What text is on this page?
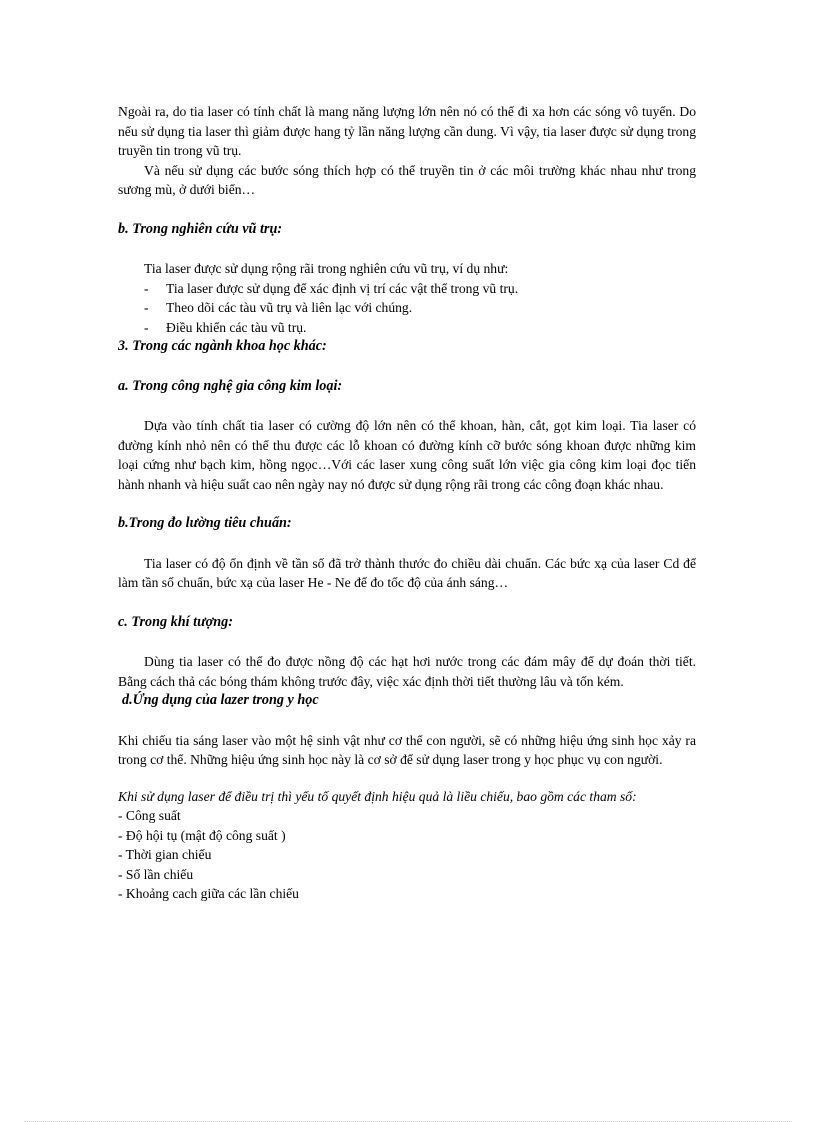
Ngoài ra, do tia laser có tính chất là mang năng lượng lớn nên nó có thể đi xa hơn các sóng vô tuyến. Do nếu sử dụng tia laser thì giảm được hang tỷ lần năng lượng cần dung. Vì vậy, tia laser được sử dụng trong truyền tin trong vũ trụ.

Và nếu sử dụng các bước sóng thích hợp có thể truyền tin ở các môi trường khác nhau như trong sương mù, ở dưới biển…

b. Trong nghiên cứu vũ trụ:

Tia laser được sử dụng rộng rãi trong nghiên cứu vũ trụ, ví dụ như:

- Tia laser được sử dụng để xác định vị trí các vật thể trong vũ trụ.
- Theo dõi các tàu vũ trụ và liên lạc với chúng.
- Điều khiển các tàu vũ trụ.

3. Trong các ngành khoa học khác:

a. Trong công nghệ gia công kim loại:

Dựa vào tính chất tia laser có cường độ lớn nên có thể khoan, hàn, cắt, gọt kim loại. Tia laser có đường kính nhỏ nên có thể thu được các lỗ khoan có đường kính cỡ bước sóng khoan được những kim loại cứng như bạch kim, hồng ngọc…Với các laser xung công suất lớn việc gia công kim loại đọc tiến hành nhanh và hiệu suất cao nên ngày nay nó được sử dụng rộng rãi trong các công đoạn khác nhau.

b.Trong đo lường tiêu chuẩn:

Tia laser có độ ổn định về tần số đã trở thành thước đo chiều dài chuẩn. Các bức xạ của laser Cd để làm tần số chuẩn, bức xạ của laser He - Ne để đo tốc độ của ánh sáng…

c. Trong khí tượng:

Dùng tia laser có thể đo được nồng độ các hạt hơi nước trong các đám mây để dự đoán thời tiết. Bằng cách thả các bóng thám không trước đây, việc xác định thời tiết thường lâu và tốn kém.

d.Ứng dụng của lazer trong y học

Khi chiếu tia sáng laser vào một hệ sinh vật như cơ thể con người, sẽ có những hiệu ứng sinh học xảy ra trong cơ thể. Những hiệu ứng sinh học này là cơ sở để sử dụng laser trong y học phục vụ con người.

Khi sử dụng laser để điều trị thì yếu tố quyết định hiệu quả là liều chiếu, bao gồm các tham số:

- Công suất
- Độ hội tụ (mật độ công suất )
- Thời gian chiếu
- Số lần chiếu
- Khoảng cach giữa các lần chiếu
